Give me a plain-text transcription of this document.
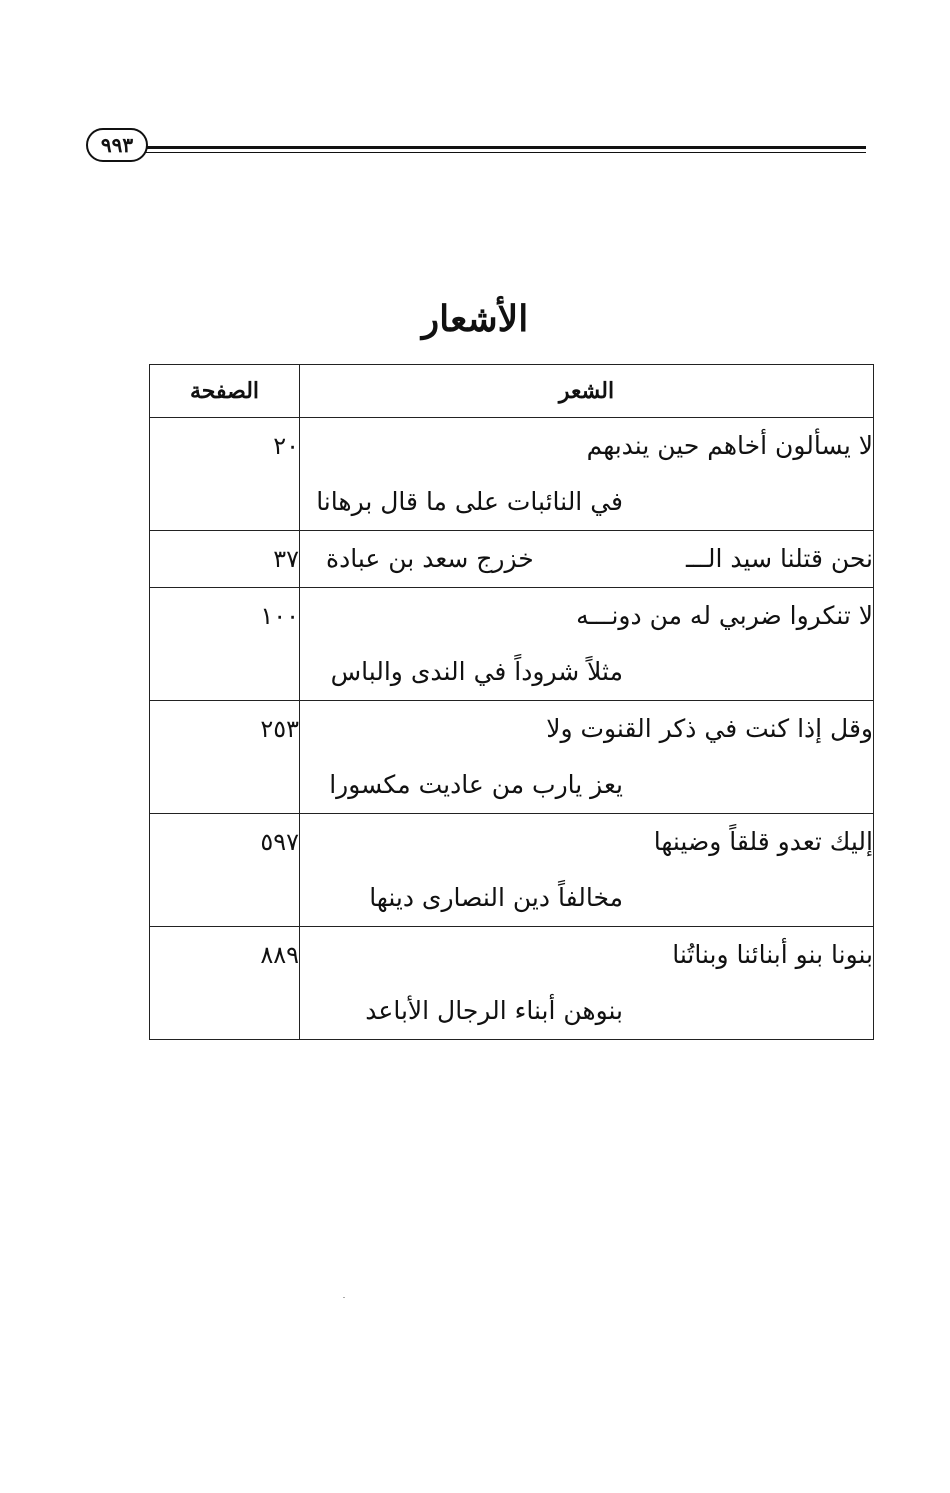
٩٩٣
الأشعار
الشعر	الصفحة

لا يسألون أخاهم حين يندبهم
في النائبات على ما قال برهانا	٢٠

نحن قتلنا سيد الـــ
خزرج سعد بن عبادة	٣٧

لا تنكروا ضربي له من دونـــه
مثلاً شروداً في الندى والباس	١٠٠

وقل إذا كنت في ذكر القنوت ولا
يعز يارب من عاديت مكسورا	٢٥٣

إليك تعدو قلقاً وضينها
مخالفاً دين النصارى دينها	٥٩٧

بنونا بنو أبنائنا وبناتُنا
بنوهن أبناء الرجال الأباعد	٨٨٩
